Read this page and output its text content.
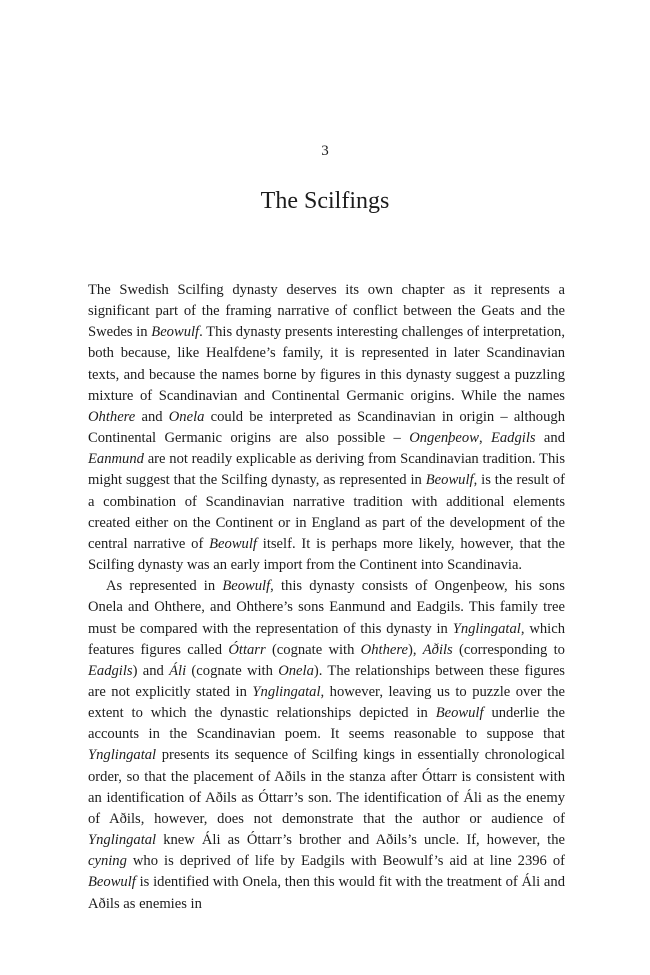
3
The Scilfings

The Swedish Scilfing dynasty deserves its own chapter as it represents a significant part of the framing narrative of conflict between the Geats and the Swedes in Beowulf. This dynasty presents interesting challenges of interpretation, both because, like Healfdene’s family, it is represented in later Scandinavian texts, and because the names borne by figures in this dynasty suggest a puzzling mixture of Scandinavian and Continental Germanic origins. While the names Ohthere and Onela could be interpreted as Scandinavian in origin – although Continental Germanic origins are also possible – Ongenþeow, Eadgils and Eanmund are not readily explicable as deriving from Scandinavian tradition. This might suggest that the Scilfing dynasty, as represented in Beowulf, is the result of a combination of Scandinavian narrative tradition with additional elements created either on the Continent or in England as part of the development of the central narrative of Beowulf itself. It is perhaps more likely, however, that the Scilfing dynasty was an early import from the Continent into Scandinavia.

As represented in Beowulf, this dynasty consists of Ongenþeow, his sons Onela and Ohthere, and Ohthere’s sons Eanmund and Eadgils. This family tree must be compared with the representation of this dynasty in Ynglingatal, which features figures called Óttarr (cognate with Ohthere), Aðils (corresponding to Eadgils) and Áli (cognate with Onela). The relationships between these figures are not explicitly stated in Ynglingatal, however, leaving us to puzzle over the extent to which the dynastic relationships depicted in Beowulf underlie the accounts in the Scandinavian poem. It seems reasonable to suppose that Ynglingatal presents its sequence of Scilfing kings in essentially chronological order, so that the placement of Aðils in the stanza after Óttarr is consistent with an identification of Aðils as Óttarr’s son. The identification of Áli as the enemy of Aðils, however, does not demonstrate that the author or audience of Ynglingatal knew Áli as Óttarr’s brother and Aðils’s uncle. If, however, the cyning who is deprived of life by Eadgils with Beowulf’s aid at line 2396 of Beowulf is identified with Onela, then this would fit with the treatment of Áli and Aðils as enemies in
